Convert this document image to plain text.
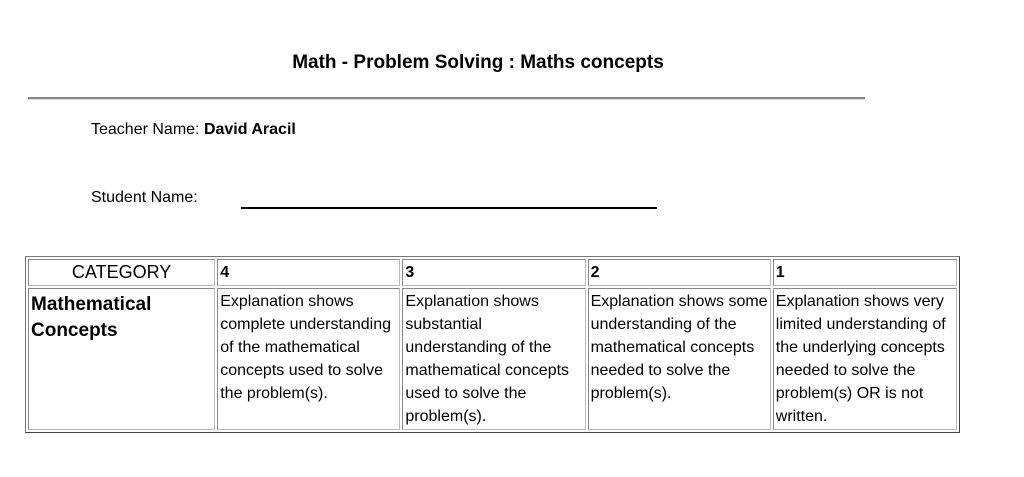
Math - Problem Solving : Maths concepts
Teacher Name: David Aracil
Student Name:
CATEGORY	4	3	2	1
Mathematical Concepts	Explanation shows complete understanding of the mathematical concepts used to solve the problem(s).	Explanation shows substantial understanding of the mathematical concepts used to solve the problem(s).	Explanation shows some understanding of the mathematical concepts needed to solve the problem(s).	Explanation shows very limited understanding of the underlying concepts needed to solve the problem(s) OR is not written.
